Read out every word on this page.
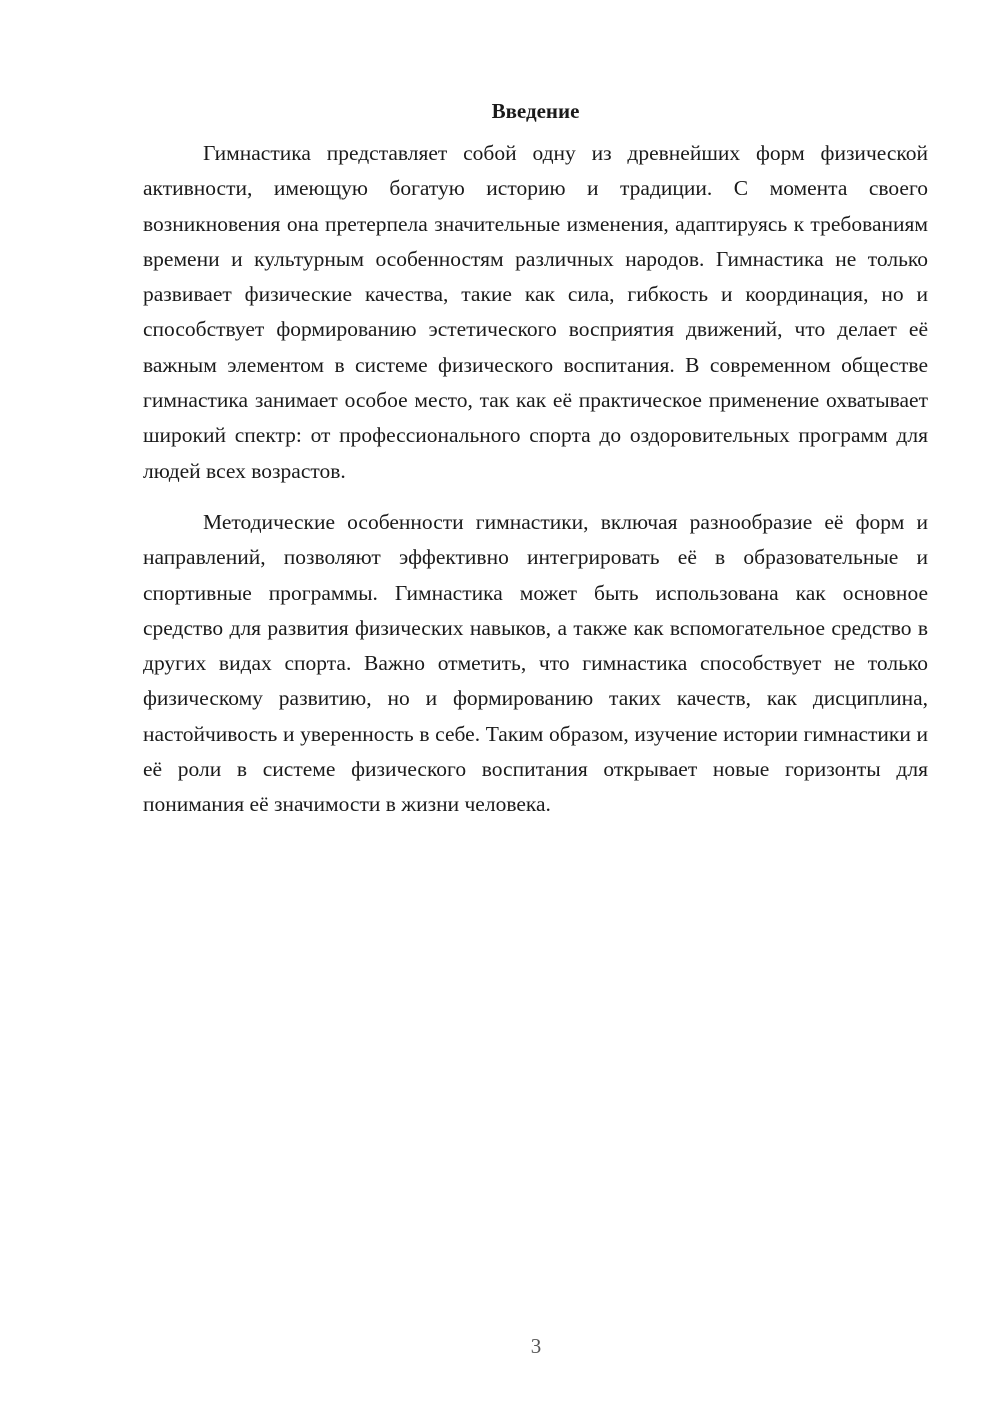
Введение

Гимнастика представляет собой одну из древнейших форм физической активности, имеющую богатую историю и традиции. С момента своего возникновения она претерпела значительные изменения, адаптируясь к требованиям времени и культурным особенностям различных народов. Гимнастика не только развивает физические качества, такие как сила, гибкость и координация, но и способствует формированию эстетического восприятия движений, что делает её важным элементом в системе физического воспитания. В современном обществе гимнастика занимает особое место, так как её практическое применение охватывает широкий спектр: от профессионального спорта до оздоровительных программ для людей всех возрастов.

Методические особенности гимнастики, включая разнообразие её форм и направлений, позволяют эффективно интегрировать её в образовательные и спортивные программы. Гимнастика может быть использована как основное средство для развития физических навыков, а также как вспомогательное средство в других видах спорта. Важно отметить, что гимнастика способствует не только физическому развитию, но и формированию таких качеств, как дисциплина, настойчивость и уверенность в себе. Таким образом, изучение истории гимнастики и её роли в системе физического воспитания открывает новые горизонты для понимания её значимости в жизни человека.

3
